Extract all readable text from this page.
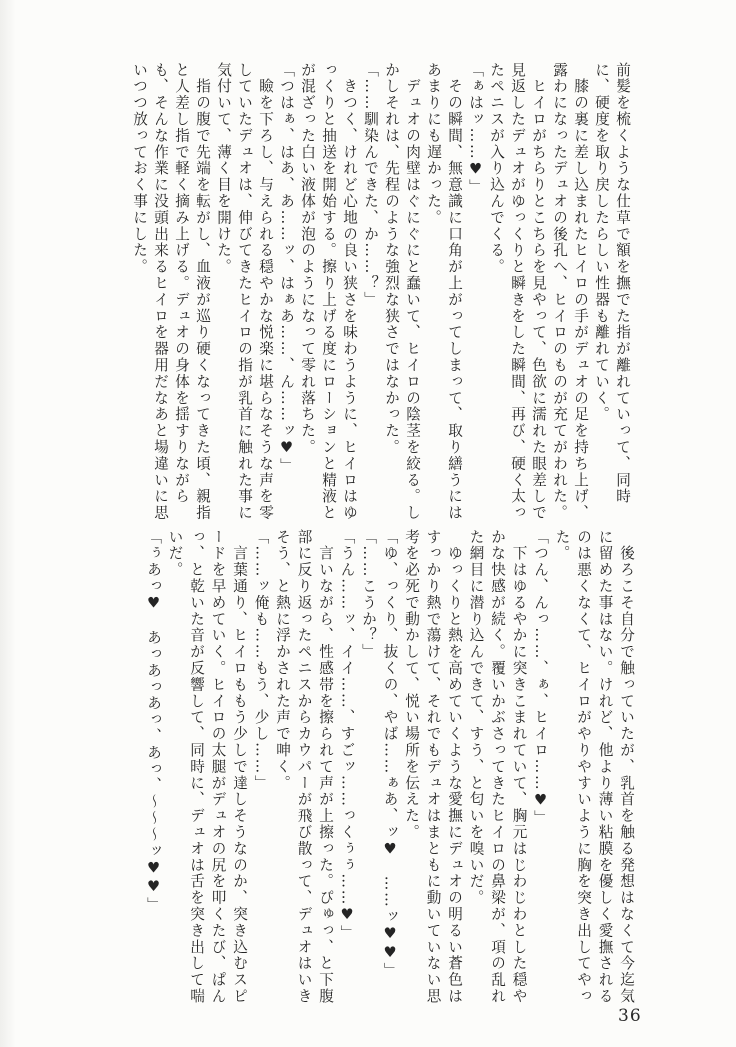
前髪を梳くような仕草で額を撫でた指が離れていって、同時に、硬度を取り戻したらしい性器も離れていく。

　膝の裏に差し込まれたヒイロの手がデュオの足を持ち上げ、露わになったデュオの後孔へ、ヒイロのものが充てがわれた。

　ヒイロがちらりとこちらを見やって、色欲に濡れた眼差しで見返したデュオがゆっくりと瞬きをした瞬間、再び、硬く太ったペニスが入り込んでくる。

「ぁはッ……♥」

　その瞬間、無意識に口角が上がってしまって、取り繕うにはあまりにも遅かった。

　デュオの肉壁はぐにぐにと蠢いて、ヒイロの陰茎を絞る。しかしそれは、先程のような強烈な狭さではなかった。

「……馴染んできた、か……？」

　きつく、けれど心地の良い狭さを味わうように、ヒイロはゆっくりと抽送を開始する。擦り上げる度にローションと精液とが混ざった白い液体が泡のようになって零れ落ちた。

「つはぁ、はあ、あ……ッ、はぁあ……、ん……ッ♥」

　瞼を下ろし、与えられる穏やかな悦楽に堪らなそうな声を零していたデュオは、伸びてきたヒイロの指が乳首に触れた事に気付いて、薄く目を開けた。

　指の腹で先端を転がし、血液が巡り硬くなってきた頃、親指と人差し指で軽く摘み上げる。デュオの身体を揺すりながらも、そんな作業に没頭出来るヒイロを器用だなあと場違いに思いつつ放っておく事にした。

　後ろこそ自分で触っていたが、乳首を触る発想はなくて今迄気に留めた事はない。けれど、他より薄い粘膜を優しく愛撫されるのは悪くなくて、ヒイロがやりやすいように胸を突き出してやった。

「つん、んっ……、ぁ、ヒイロ……♥」

　下はゆるやかに突きこまれていて、胸元はじわじわとした穏やかな快感が続く。覆いかぶさってきたヒイロの鼻梁が、項の乱れた網目に潜り込んできて、すう、と匂いを嗅いだ。

　ゆっくりと熱を高めていくような愛撫にデュオの明るい蒼色はすっかり熱で蕩けて、それでもデュオはまともに動いていない思考を必死で動かして、悦い場所を伝えた。

「ゆ、っくり、抜くの、やば……ぁあ、ッ♥　……ッ♥♥」

「……こうか？」

「うん……ッ、イイ……、すごッ……っくぅぅ……♥」

　言いながら、性感帯を擦られて声が上擦った。ぴゅっ、と下腹部に反り返ったペニスからカウパーが飛び散って、デュオはいきそう、と熱に浮かされた声で呻く。

「……ッ俺も……もう、少し……」

　言葉通り、ヒイロももう少しで達しそうなのか、突き込むスピードを早めていく。ヒイロの太腿がデュオの尻を叩くたび、ぱんっ、と乾いた音が反響して、同時に、デュオは舌を突き出して喘いだ。

「ぅあっ♥　あっあっあっ、あっ、～～～ッ♥♥」

36
